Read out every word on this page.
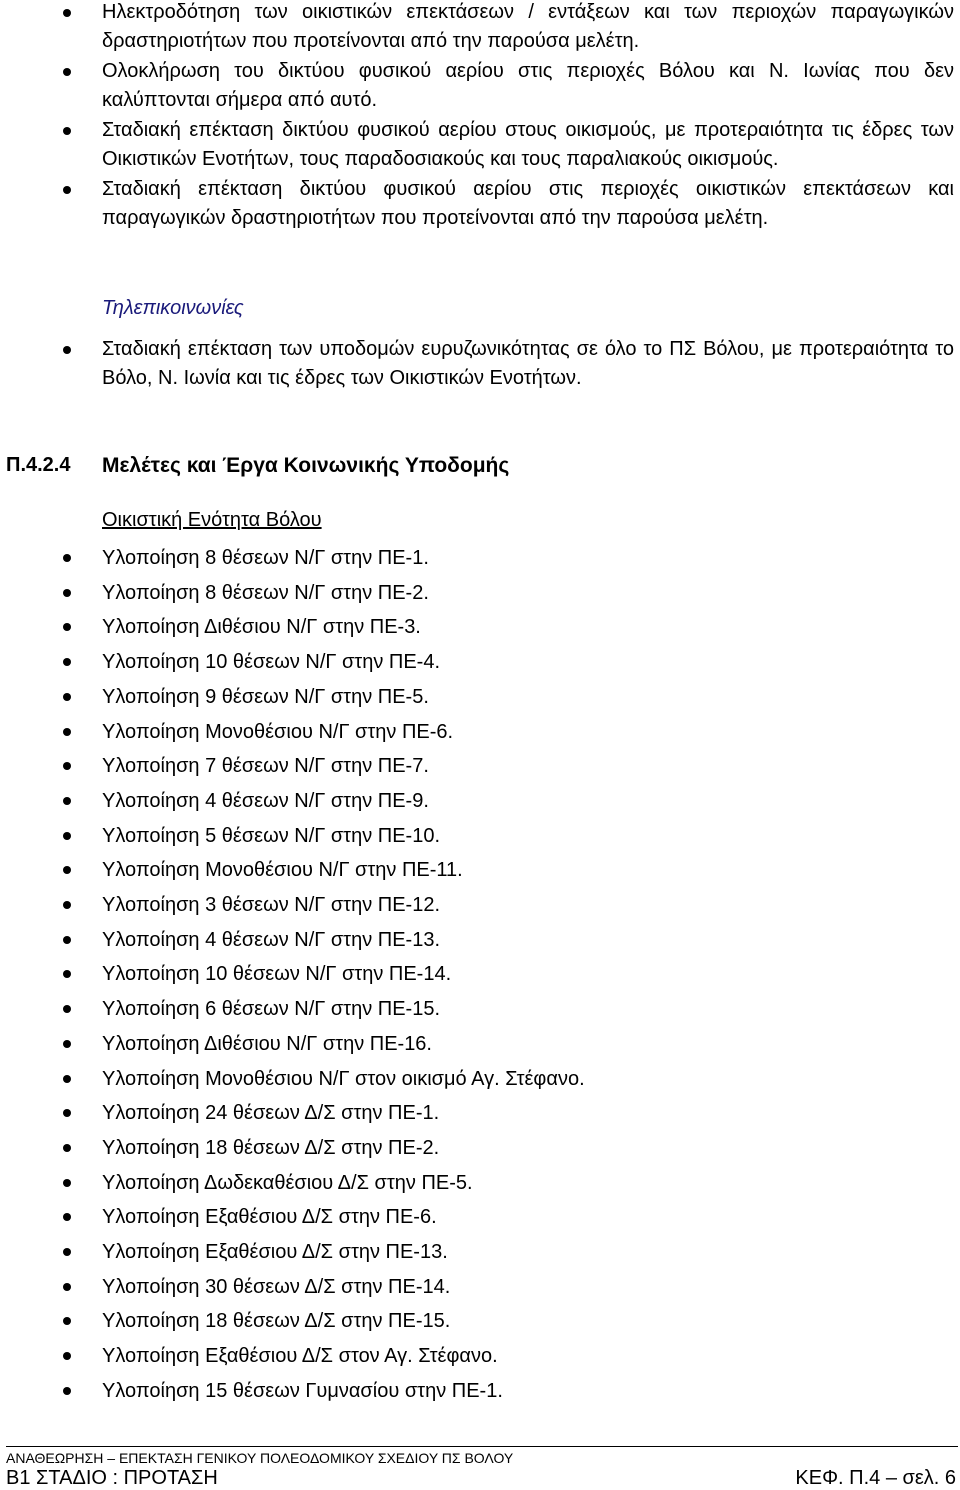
Ηλεκτροδότηση των οικιστικών επεκτάσεων / εντάξεων και των περιοχών παραγωγικών δραστηριοτήτων που προτείνονται από την παρούσα μελέτη.
Ολοκλήρωση του δικτύου φυσικού αερίου στις περιοχές Βόλου και Ν. Ιωνίας που δεν καλύπτονται σήμερα από αυτό.
Σταδιακή επέκταση δικτύου φυσικού αερίου στους οικισμούς, με προτεραιότητα τις έδρες των Οικιστικών Ενοτήτων, τους παραδοσιακούς και τους παραλιακούς οικισμούς.
Σταδιακή επέκταση δικτύου φυσικού αερίου στις περιοχές οικιστικών επεκτάσεων και παραγωγικών δραστηριοτήτων που προτείνονται από την παρούσα μελέτη.
Τηλεπικοινωνίες
Σταδιακή επέκταση των υποδομών ευρυζωνικότητας σε όλο το ΠΣ Βόλου, με προτεραιότητα το Βόλο, Ν. Ιωνία και τις έδρες των Οικιστικών Ενοτήτων.
Π.4.2.4 Μελέτες και Έργα Κοινωνικής Υποδομής
Οικιστική Ενότητα Βόλου
Υλοποίηση 8 θέσεων Ν/Γ στην ΠΕ-1.
Υλοποίηση 8 θέσεων Ν/Γ στην ΠΕ-2.
Υλοποίηση Διθέσιου Ν/Γ στην ΠΕ-3.
Υλοποίηση 10 θέσεων Ν/Γ στην ΠΕ-4.
Υλοποίηση 9 θέσεων Ν/Γ στην ΠΕ-5.
Υλοποίηση Μονοθέσιου Ν/Γ στην ΠΕ-6.
Υλοποίηση 7 θέσεων Ν/Γ στην ΠΕ-7.
Υλοποίηση 4 θέσεων Ν/Γ στην ΠΕ-9.
Υλοποίηση 5 θέσεων Ν/Γ στην ΠΕ-10.
Υλοποίηση Μονοθέσιου Ν/Γ στην ΠΕ-11.
Υλοποίηση 3 θέσεων Ν/Γ στην ΠΕ-12.
Υλοποίηση 4 θέσεων Ν/Γ στην ΠΕ-13.
Υλοποίηση 10 θέσεων Ν/Γ στην ΠΕ-14.
Υλοποίηση 6 θέσεων Ν/Γ στην ΠΕ-15.
Υλοποίηση Διθέσιου Ν/Γ στην ΠΕ-16.
Υλοποίηση Μονοθέσιου Ν/Γ στον οικισμό Αγ. Στέφανο.
Υλοποίηση 24 θέσεων Δ/Σ στην ΠΕ-1.
Υλοποίηση 18 θέσεων Δ/Σ στην ΠΕ-2.
Υλοποίηση Δωδεκαθέσιου Δ/Σ στην ΠΕ-5.
Υλοποίηση Εξαθέσιου Δ/Σ στην ΠΕ-6.
Υλοποίηση Εξαθέσιου Δ/Σ στην ΠΕ-13.
Υλοποίηση 30 θέσεων Δ/Σ στην ΠΕ-14.
Υλοποίηση 18 θέσεων Δ/Σ στην ΠΕ-15.
Υλοποίηση Εξαθέσιου Δ/Σ στον Αγ. Στέφανο.
Υλοποίηση 15 θέσεων Γυμνασίου στην ΠΕ-1.
ΑΝΑΘΕΩΡΗΣΗ – ΕΠΕΚΤΑΣΗ ΓΕΝΙΚΟΥ ΠΟΛΕΟΔΟΜΙΚΟΥ ΣΧΕΔΙΟΥ ΠΣ ΒΟΛΟΥ
Β1 ΣΤΑΔΙΟ : ΠΡΟΤΑΣΗ	ΚΕΦ. Π.4 – σελ. 6
